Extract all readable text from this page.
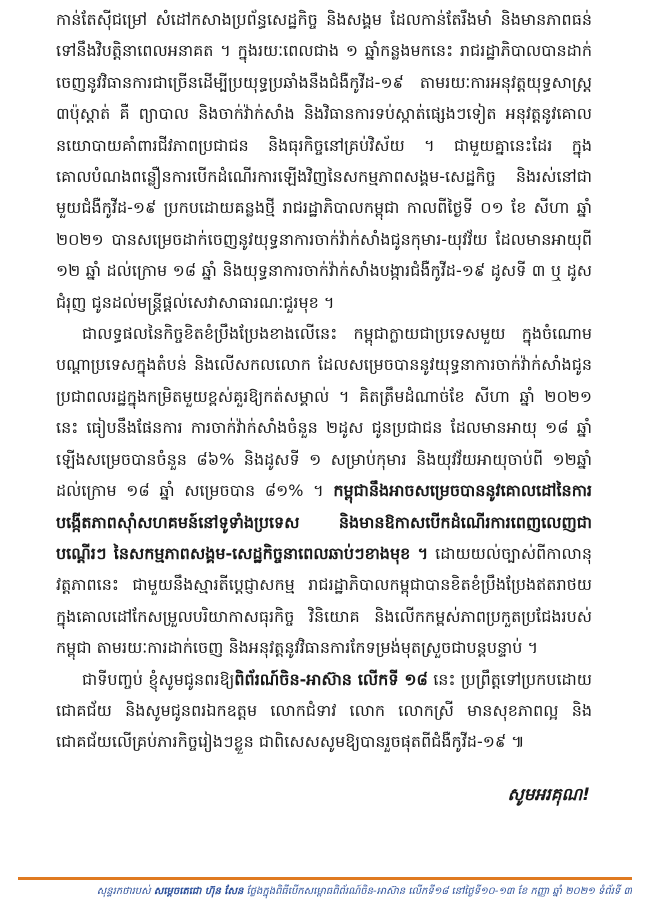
កាន់តែស៊ីជម្រៅ សំដៅកសាងប្រព័ន្ធសេដ្ឋកិច្ច និងសង្គម ដែលកាន់តែរឹងមាំ និងមានភាពធន់ទៅនឹងវិបត្តិនាពេលអនាគត ។ ក្នុងរយៈពេលជាង ១ ឆ្នាំកន្លងមកនេះ រាជរដ្ឋាភិបាលបានដាក់ចេញនូវវិធានការជាច្រើនដើម្បីប្រយុទ្ធប្រឆាំងនឹងជំងឺកូវីដ-១៩ តាមរយៈការអនុវត្តយុទ្ធសាស្ត្រ ៣ប៉ុស្ដាត់ គឺ ព្យាបាល និងចាក់វ៉ាក់សាំង និងវិធានការទប់ស្កាត់ផ្សេងៗទៀត អនុវត្តនូវគោលនយោបាយគាំពារជីវភាពប្រជាជន និងធុរកិច្ចនៅគ្រប់វិស័យ ។ ជាមួយគ្នានេះដែរ ក្នុងគោលបំណងពន្លឿនការបើកដំណើរការឡើងវិញនៃសកម្មភាពសង្គម-សេដ្ឋកិច្ច និងរស់នៅជាមួយជំងឺកូវីដ-១៩ ប្រកបដោយគន្លងថ្មី រាជរដ្ឋាភិបាលកម្ពុជា កាលពីថ្ងៃទី ០១ ខែ សីហា ឆ្នាំ ២០២១ បានសម្រេចដាក់ចេញនូវយុទ្ធនាការចាក់វ៉ាក់សាំងជូនកុមារ-យុវវ័យ ដែលមានអាយុពី ១២ ឆ្នាំ ដល់ក្រោម ១៨ ឆ្នាំ និងយុទ្ធនាការចាក់វ៉ាក់សាំងបង្ការជំងឺកូវីដ-១៩ ដូសទី ៣ ឬ ដូសជំរុញ ជូនដល់មន្ត្រីផ្តល់សេវាសាធារណៈជួរមុខ ។

ជាលទ្ធផលនៃកិច្ចខិតខំប្រឹងប្រែងខាងលើនេះ កម្ពុជាក្លាយជាប្រទេសមួយ ក្នុងចំណោមបណ្តាប្រទេសក្នុងតំបន់ និងលើសកលលោក ដែលសម្រេចបាននូវយុទ្ធនាការចាក់វ៉ាក់សាំងជូនប្រជាពលរដ្ឋក្នុងកម្រិតមួយខ្ពស់គួរឱ្យកត់សម្គាល់ ។ គិតត្រឹមដំណាច់ខែ សីហា ឆ្នាំ ២០២១ នេះ ធៀបនឹងផែនការ ការចាក់វ៉ាក់សាំងចំនួន ២ដូស ជូនប្រជាជន ដែលមានអាយុ ១៨ ឆ្នាំឡើងសម្រេចបានចំនួន ៨៦% និងដូសទី ១ សម្រាប់កុមារ និងយុវវ័យអាយុចាប់ពី ១២ឆ្នាំ ដល់ក្រោម ១៨ ឆ្នាំ សម្រេចបាន ៨១% ។ កម្ពុជានឹងអាចសម្រេចបាននូវគោលដៅនៃការបង្កើតភាពស៊ាំសហគមន៍នៅទូទាំងប្រទេស និងមានឱកាសបើកដំណើរការពេញលេញជាបណ្តើរៗ នៃសកម្មភាពសង្គម-សេដ្ឋកិច្ចនាពេលឆាប់ៗខាងមុខ ។ ដោយយល់ច្បាស់ពីកាលានុវត្តភាពនេះ ជាមួយនឹងស្មារតីប្តេជ្ញាសកម្ម រាជរដ្ឋាភិបាលកម្ពុជាបានខិតខំប្រឹងប្រែងឥតរាថយ ក្នុងគោលដៅកែសម្រួលបរិយាកាសធុរកិច្ច វិនិយោគ និងលើកកម្ពស់ភាពប្រកួតប្រជែងរបស់កម្ពុជា តាមរយៈការដាក់ចេញ និងអនុវត្តនូវវិធានការកែទម្រង់មុតស្រួចជាបន្តបន្ទាប់ ។

ជាទីបញ្ចប់ ខ្ញុំសូមជូនពរឱ្យពិព័រណ៍ចិន-អាស៊ាន លើកទី ១៨ នេះ ប្រព្រឹត្តទៅប្រកបដោយជោគជ័យ និងសូមជូនពរឯកឧត្តម លោកជំទាវ លោក លោកស្រី មានសុខភាពល្អ និងជោគជ័យលើគ្រប់ភារកិច្ចរៀងៗខ្លួន ជាពិសេសសូមឱ្យបានរួចផុតពីជំងឺកូវីដ-១៩ ៕

សូមអរគុណ!

សុន្ទរកថារបស់ សម្តេចតេជោ ហ៊ុន សែន ថ្លែងក្នុងពិធីបើកសម្ពោធពិព័រណ៍ចិន-អាស៊ាន លើកទី១៨ នៅថ្ងៃទី១០-១៣ ខែ កញ្ញា ឆ្នាំ ២០២១ ទំព័រទី ៣
